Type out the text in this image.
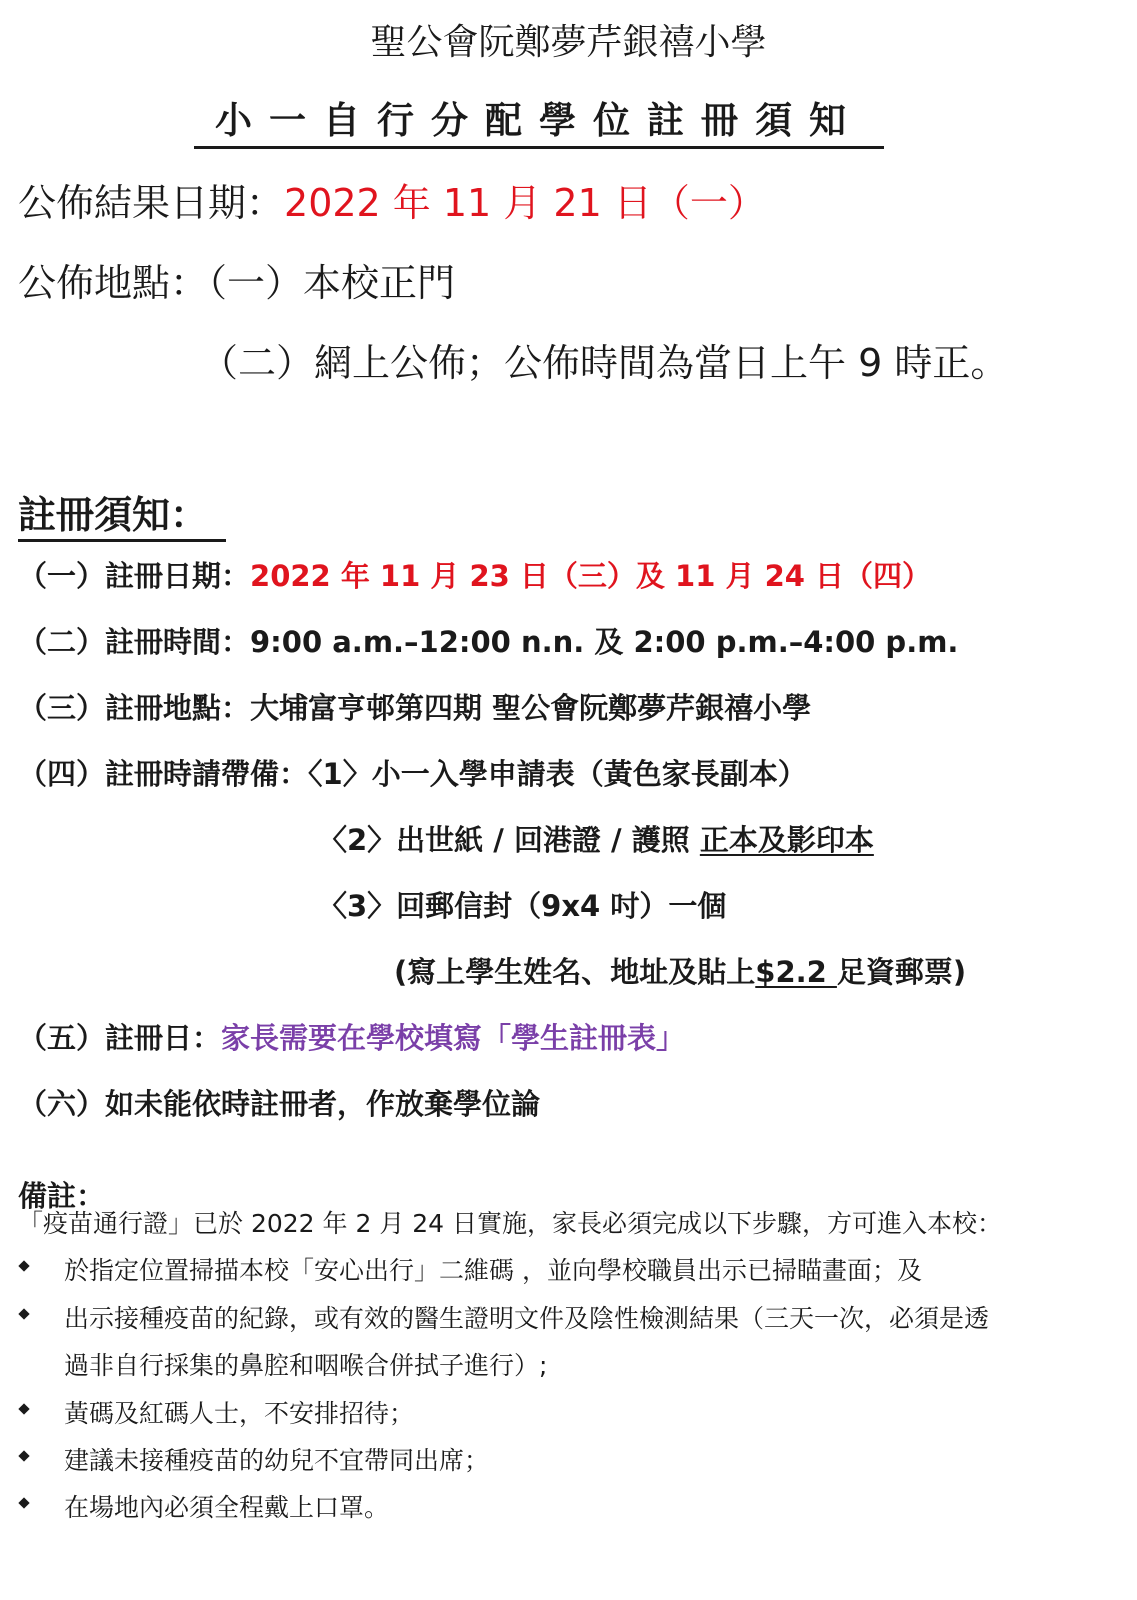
聖公會阮鄭夢芹銀禧小學
小一自行分配學位註冊須知
公佈結果日期：2022 年 11 月 21 日（一）
公佈地點：（一）本校正門
（二）網上公佈；公佈時間為當日上午 9 時正。
註冊須知：
（一）註冊日期：2022 年 11 月 23 日（三）及 11 月 24 日（四）
（二）註冊時間：9:00 a.m.–12:00 n.n. 及 2:00 p.m.–4:00 p.m.
（三）註冊地點：大埔富亨邨第四期 聖公會阮鄭夢芹銀禧小學
（四）註冊時請帶備：〈1〉小一入學申請表（黃色家長副本）
〈2〉出世紙 / 回港證 / 護照 正本及影印本
〈3〉回郵信封（9x4 吋）一個
(寫上學生姓名、地址及貼上$2.2 足資郵票)
（五）註冊日：家長需要在學校填寫「學生註冊表」
（六）如未能依時註冊者，作放棄學位論
備註：
「疫苗通行證」已於 2022 年 2 月 24 日實施，家長必須完成以下步驟，方可進入本校：
於指定位置掃描本校「安心出行」二維碼 ，並向學校職員出示已掃瞄畫面；及
出示接種疫苗的紀錄，或有效的醫生證明文件及陰性檢測結果（三天一次，必須是透
過非自行採集的鼻腔和咽喉合併拭子進行）;
黃碼及紅碼人士，不安排招待；
建議未接種疫苗的幼兒不宜帶同出席；
在場地內必須全程戴上口罩。
